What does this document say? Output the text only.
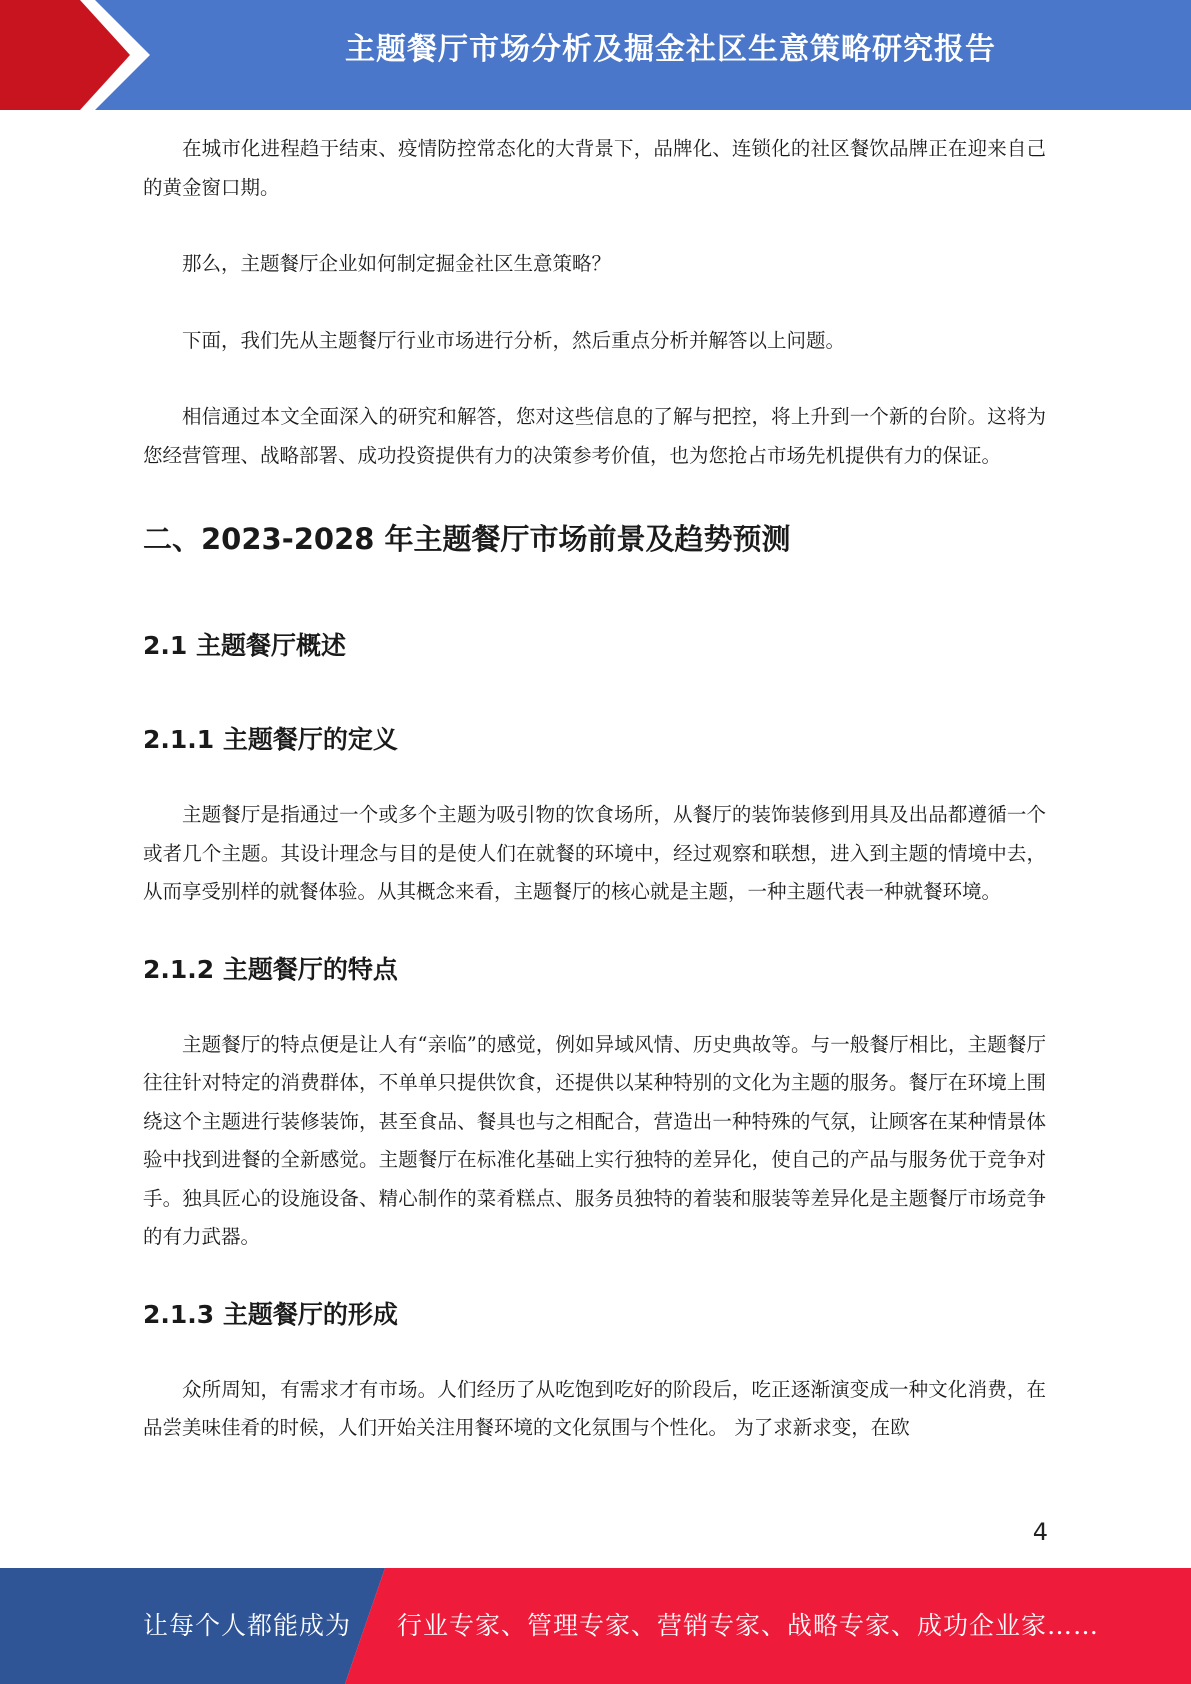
主题餐厅市场分析及掘金社区生意策略研究报告

在城市化进程趋于结束、疫情防控常态化的大背景下，品牌化、连锁化的社区餐饮品牌正在迎来自己的黄金窗口期。

那么，主题餐厅企业如何制定掘金社区生意策略？

下面，我们先从主题餐厅行业市场进行分析，然后重点分析并解答以上问题。

相信通过本文全面深入的研究和解答，您对这些信息的了解与把控，将上升到一个新的台阶。这将为您经营管理、战略部署、成功投资提供有力的决策参考价值，也为您抢占市场先机提供有力的保证。

二、2023-2028 年主题餐厅市场前景及趋势预测
2.1 主题餐厅概述
2.1.1 主题餐厅的定义

主题餐厅是指通过一个或多个主题为吸引物的饮食场所，从餐厅的装饰装修到用具及出品都遵循一个或者几个主题。其设计理念与目的是使人们在就餐的环境中，经过观察和联想，进入到主题的情境中去，从而享受别样的就餐体验。从其概念来看，主题餐厅的核心就是主题，一种主题代表一种就餐环境。

2.1.2 主题餐厅的特点

主题餐厅的特点便是让人有“亲临”的感觉，例如异域风情、历史典故等。与一般餐厅相比，主题餐厅往往针对特定的消费群体，不单单只提供饮食，还提供以某种特别的文化为主题的服务。餐厅在环境上围绕这个主题进行装修装饰，甚至食品、餐具也与之相配合，营造出一种特殊的气氛，让顾客在某种情景体验中找到进餐的全新感觉。主题餐厅在标准化基础上实行独特的差异化，使自己的产品与服务优于竞争对手。独具匠心的设施设备、精心制作的菜肴糕点、服务员独特的着装和服装等差异化是主题餐厅市场竞争的有力武器。

2.1.3 主题餐厅的形成

众所周知，有需求才有市场。人们经历了从吃饱到吃好的阶段后，吃正逐渐演变成一种文化消费，在品尝美味佳肴的时候，人们开始关注用餐环境的文化氛围与个性化。 为了求新求变，在欧

4
让每个人都能成为 行业专家、管理专家、营销专家、战略专家、成功企业家……
